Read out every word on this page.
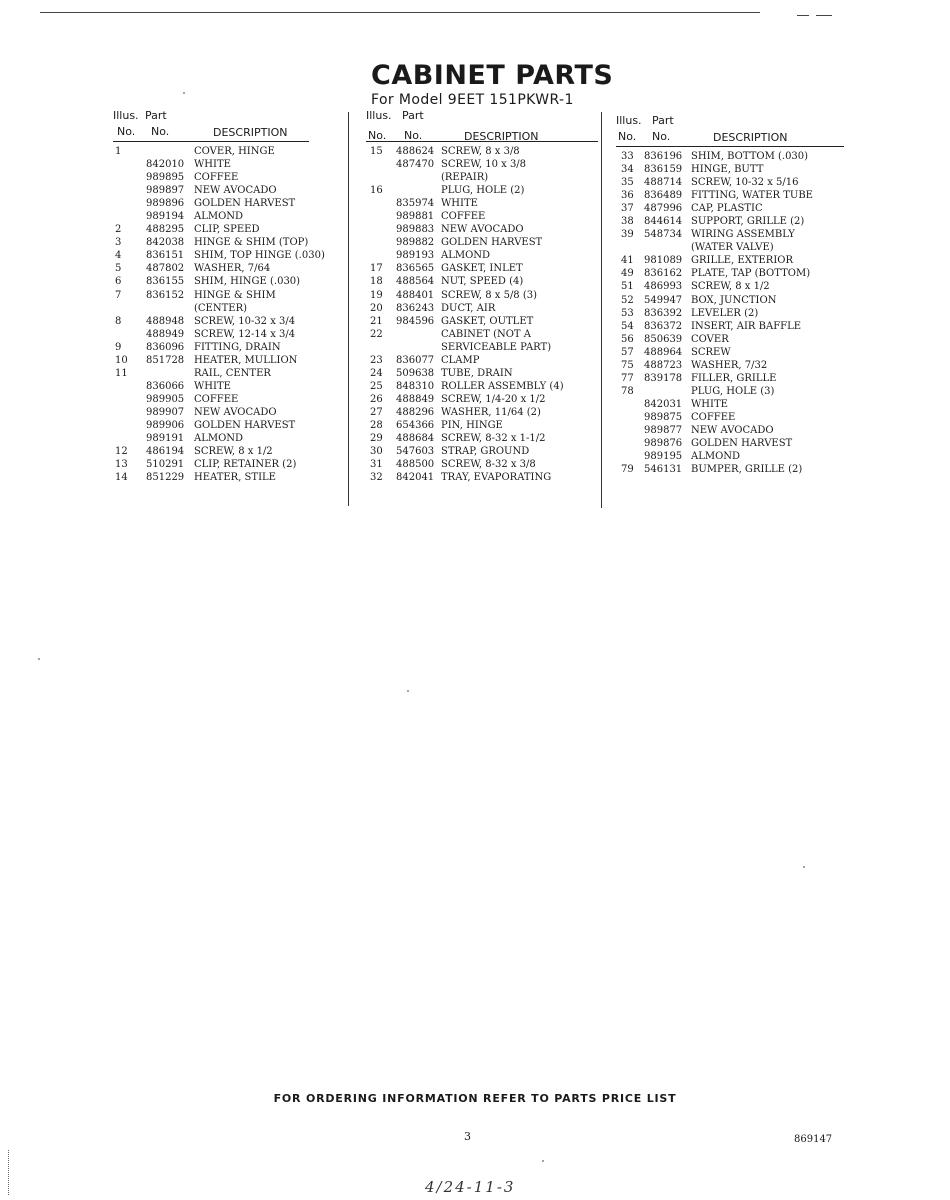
CABINET PARTS
For Model 9EET 151PKWR-1
Illus. Part
No. No.	DESCRIPTION
1	COVER, HINGE
842010 WHITE
989895 COFFEE
989897 NEW AVOCADO
989896 GOLDEN HARVEST
989194 ALMOND
2 488295 CLIP, SPEED
3 842038 HINGE & SHIM (TOP)
4 836151 SHIM, TOP HINGE (.030)
5 487802 WASHER, 7/64
6 836155 SHIM, HINGE (.030)
7 836152 HINGE & SHIM
(CENTER)
8 488948 SCREW, 10-32 x 3/4
488949 SCREW, 12-14 x 3/4
9 836096 FITTING, DRAIN
10 851728 HEATER, MULLION
11	RAIL, CENTER
836066 WHITE
989905 COFFEE
989907 NEW AVOCADO
989906 GOLDEN HARVEST
989191 ALMOND
12 486194 SCREW, 8 x 1/2
13 510291 CLIP, RETAINER (2)
14 851229 HEATER, STILE
Illus. Part
No. No.	DESCRIPTION
15 488624 SCREW, 8 x 3/8
487470 SCREW, 10 x 3/8
(REPAIR)
16	PLUG, HOLE (2)
835974 WHITE
989881 COFFEE
989883 NEW AVOCADO
989882 GOLDEN HARVEST
989193 ALMOND
17 836565 GASKET, INLET
18 488564 NUT, SPEED (4)
19 488401 SCREW, 8 x 5/8 (3)
20 836243 DUCT, AIR
21 984596 GASKET, OUTLET
22	CABINET (NOT A
SERVICEABLE PART)
23 836077 CLAMP
24 509638 TUBE, DRAIN
25 848310 ROLLER ASSEMBLY (4)
26 488849 SCREW, 1/4-20 x 1/2
27 488296 WASHER, 11/64 (2)
28 654366 PIN, HINGE
29 488684 SCREW, 8-32 x 1-1/2
30 547603 STRAP, GROUND
31 488500 SCREW, 8-32 x 3/8
32 842041 TRAY, EVAPORATING
Illus. Part
No. No.	DESCRIPTION
33 836196 SHIM, BOTTOM (.030)
34 836159 HINGE, BUTT
35 488714 SCREW, 10-32 x 5/16
36 836489 FITTING, WATER TUBE
37 487996 CAP, PLASTIC
38 844614 SUPPORT, GRILLE (2)
39 548734 WIRING ASSEMBLY
(WATER VALVE)
41 981089 GRILLE, EXTERIOR
49 836162 PLATE, TAP (BOTTOM)
51 486993 SCREW, 8 x 1/2
52 549947 BOX, JUNCTION
53 836392 LEVELER (2)
54 836372 INSERT, AIR BAFFLE
56 850639 COVER
57 488964 SCREW
75 488723 WASHER, 7/32
77 839178 FILLER, GRILLE
78	PLUG, HOLE (3)
842031 WHITE
989875 COFFEE
989877 NEW AVOCADO
989876 GOLDEN HARVEST
989195 ALMOND
79 546131 BUMPER, GRILLE (2)
FOR ORDERING INFORMATION REFER TO PARTS PRICE LIST
3	869147
4/24-11-3
